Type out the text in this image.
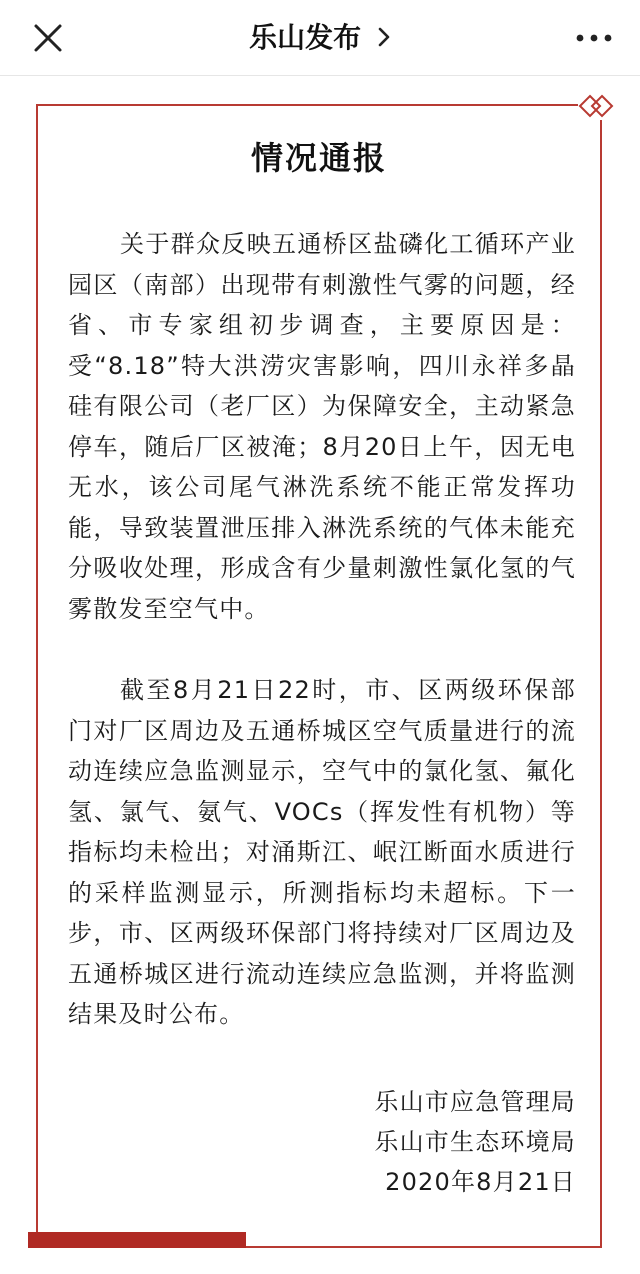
乐山发布
情况通报
关于群众反映五通桥区盐磷化工循环产业园区（南部）出现带有刺激性气雾的问题，经省、市专家组初步调查，主要原因是：受“8.18”特大洪涝灾害影响，四川永祥多晶硅有限公司（老厂区）为保障安全，主动紧急停车，随后厂区被淹；8月20日上午，因无电无水，该公司尾气淋洗系统不能正常发挥功能，导致装置泄压排入淋洗系统的气体未能充分吸收处理，形成含有少量刺激性氯化氢的气雾散发至空气中。
截至8月21日22时，市、区两级环保部门对厂区周边及五通桥城区空气质量进行的流动连续应急监测显示，空气中的氯化氢、氟化氢、氯气、氨气、VOCs（挥发性有机物）等指标均未检出；对涌斯江、岷江断面水质进行的采样监测显示，所测指标均未超标。下一步，市、区两级环保部门将持续对厂区周边及五通桥城区进行流动连续应急监测，并将监测结果及时公布。
乐山市应急管理局
乐山市生态环境局
2020年8月21日
